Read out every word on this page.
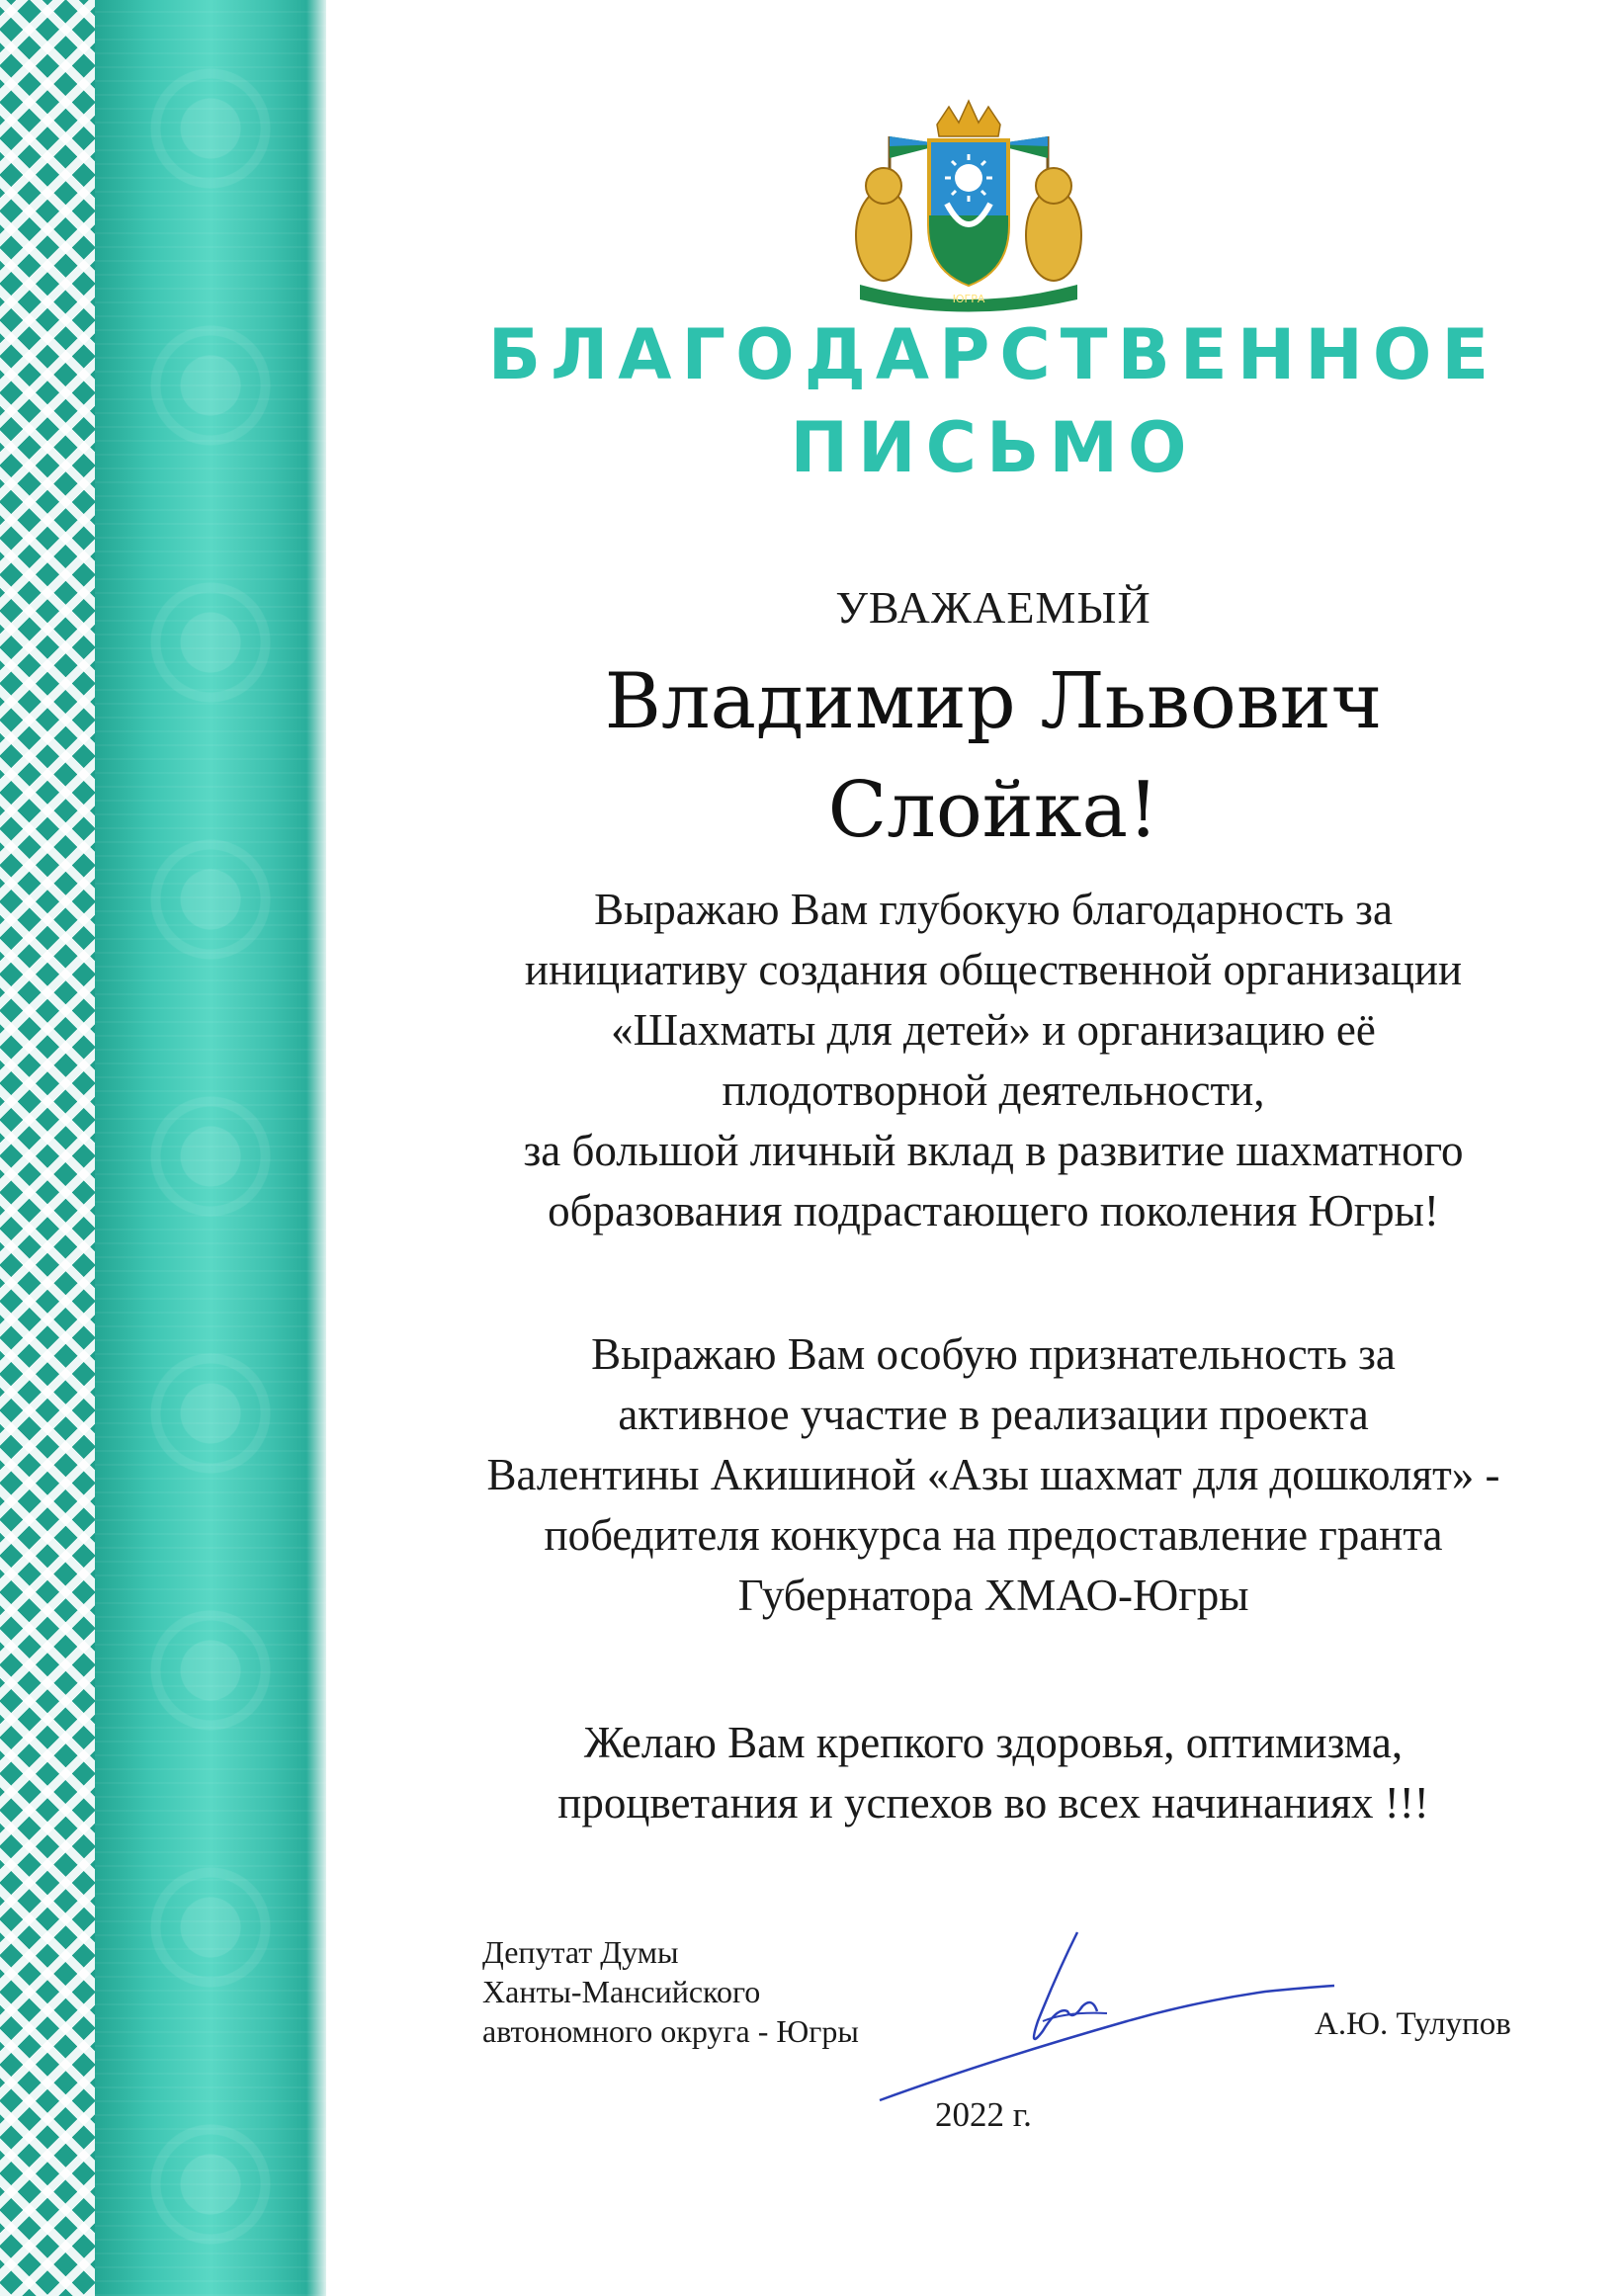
ЮГРА
БЛАГОДАРСТВЕННОЕ
ПИСЬМО
УВАЖАЕМЫЙ
Владимир Львович
Слойка!
Выражаю Вам глубокую благодарность за
инициативу создания общественной организации
«Шахматы для детей» и организацию её
плодотворной деятельности,
за большой личный вклад в развитие шахматного
образования подрастающего поколения Югры!
Выражаю Вам особую признательность за
активное участие в реализации проекта
Валентины Акишиной «Азы шахмат для дошколят» -
победителя конкурса на предоставление гранта
Губернатора ХМАО-Югры
Желаю Вам крепкого здоровья, оптимизма,
процветания и успехов во всех начинаниях !!!
Депутат Думы
Ханты-Мансийского
автономного округа - Югры	А.Ю. Тулупов
2022 г.
